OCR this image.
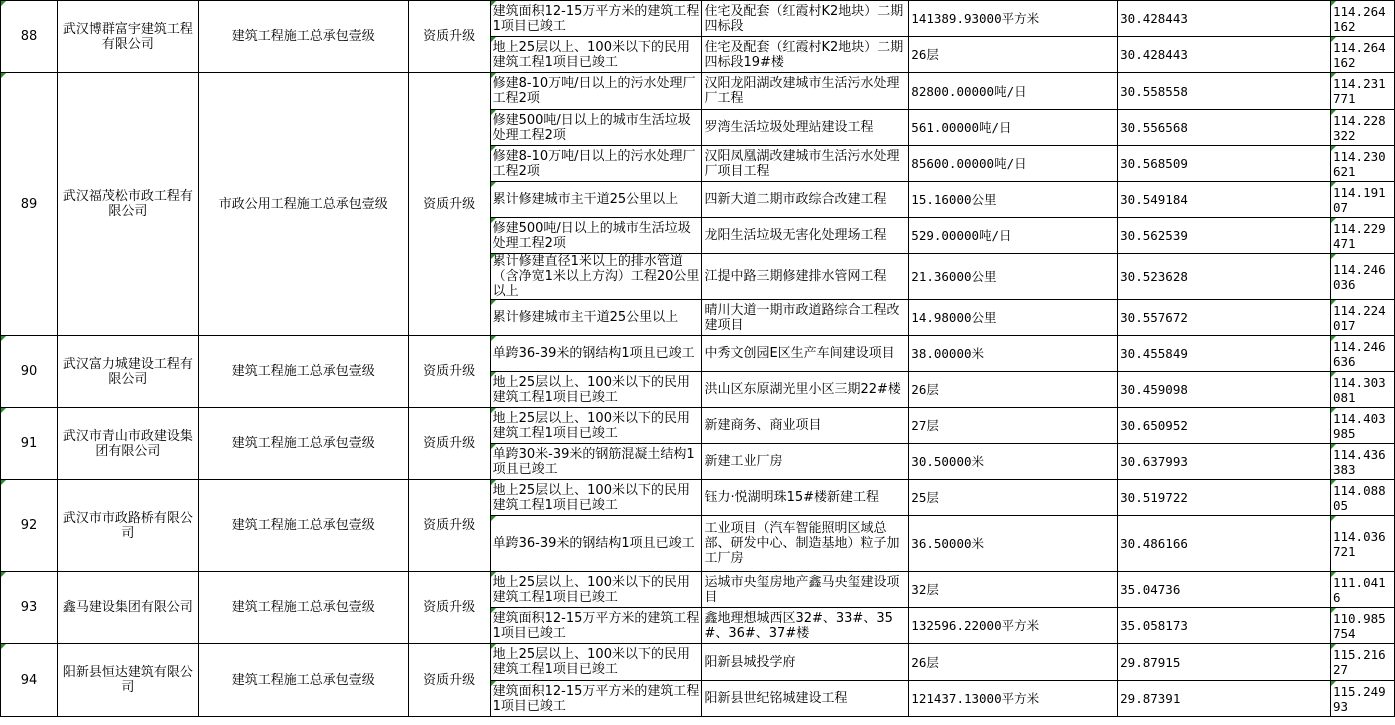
88	武汉博群富宇建筑工程有限公司	建筑工程施工总承包壹级	资质升级	建筑面积12-15万平方米的建筑工程1项目已竣工	住宅及配套（红霞村K2地块）二期四标段	141389.93000平方米	30.428443	114.264162

				地上25层以上、100米以下的民用建筑工程1项目已竣工	住宅及配套（红霞村K2地块）二期四标段19#楼	26层	30.428443	114.264162

89	武汉福茂松市政工程有限公司	市政公用工程施工总承包壹级	资质升级	修建8-10万吨/日以上的污水处理厂工程2项	汉阳龙阳湖改建城市生活污水处理厂工程	82800.00000吨/日	30.558558	114.231771

				修建500吨/日以上的城市生活垃圾处理工程2项	罗湾生活垃圾处理站建设工程	561.00000吨/日	30.556568	114.228322

				修建8-10万吨/日以上的污水处理厂工程2项	汉阳凤凰湖改建城市生活污水处理厂项目工程	85600.00000吨/日	30.568509	114.230621

				累计修建城市主干道25公里以上	四新大道二期市政综合改建工程	15.16000公里	30.549184	114.19107

				修建500吨/日以上的城市生活垃圾处理工程2项	龙阳生活垃圾无害化处理场工程	529.00000吨/日	30.562539	114.229471

				累计修建直径1米以上的排水管道（含净宽1米以上方沟）工程20公里以上	江提中路三期修建排水管网工程	21.36000公里	30.523628	114.246036

				累计修建城市主干道25公里以上	晴川大道一期市政道路综合工程改建项目	14.98000公里	30.557672	114.224017

90	武汉富力城建设工程有限公司	建筑工程施工总承包壹级	资质升级	单跨36-39米的钢结构1项且已竣工	中秀文创园E区生产车间建设项目	38.00000米	30.455849	114.246636

				地上25层以上、100米以下的民用建筑工程1项目已竣工	洪山区东原湖光里小区三期22#楼	26层	30.459098	114.303081

91	武汉市青山市政建设集团有限公司	建筑工程施工总承包壹级	资质升级	地上25层以上、100米以下的民用建筑工程1项目已竣工	新建商务、商业项目	27层	30.650952	114.403985

				单跨30米-39米的钢筋混凝土结构1项且已竣工	新建工业厂房	30.50000米	30.637993	114.436383

92	武汉市市政路桥有限公司	建筑工程施工总承包壹级	资质升级	地上25层以上、100米以下的民用建筑工程1项目已竣工	钰力·悦湖明珠15#楼新建工程	25层	30.519722	114.08805

				单跨36-39米的钢结构1项且已竣工	工业项目（汽车智能照明区域总部、研发中心、制造基地）粒子加工厂房	36.50000米	30.486166	114.036721

93	鑫马建设集团有限公司	建筑工程施工总承包壹级	资质升级	地上25层以上、100米以下的民用建筑工程1项目已竣工	运城市央玺房地产鑫马央玺建设项目	32层	35.04736	111.0416

				建筑面积12-15万平方米的建筑工程1项目已竣工	鑫地理想城西区32#、33#、35#、36#、37#楼	132596.22000平方米	35.058173	110.985754

94	阳新县恒达建筑有限公司	建筑工程施工总承包壹级	资质升级	地上25层以上、100米以下的民用建筑工程1项目已竣工	阳新县城投学府	26层	29.87915	115.21627

				建筑面积12-15万平方米的建筑工程1项目已竣工	阳新县世纪铭城建设工程	121437.13000平方米	29.87391	115.24993
